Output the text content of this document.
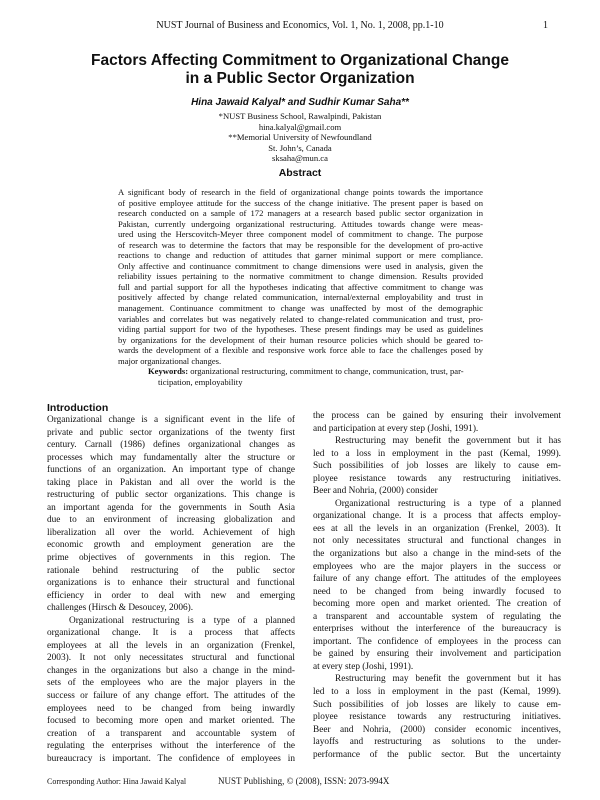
NUST Journal of Business and Economics, Vol. 1, No. 1, 2008, pp.1-10	1
Factors Affecting Commitment to Organizational Change
in a Public Sector Organization
Hina Jawaid Kalyal* and Sudhir Kumar Saha**
*NUST Business School, Rawalpindi, Pakistan
hina.kalyal@gmail.com
**Memorial University of Newfoundland
St. John’s, Canada
sksaha@mun.ca
Abstract
A significant body of research in the field of organizational change points towards the importance
of positive employee attitude for the success of the change initiative. The present paper is based on
research conducted on a sample of 172 managers at a research based public sector organization in
Pakistan, currently undergoing organizational restructuring. Attitudes towards change were meas-
ured using the Herscovitch-Meyer three component model of commitment to change. The purpose
of research was to determine the factors that may be responsible for the development of pro-active
reactions to change and reduction of attitudes that garner minimal support or mere compliance.
Only affective and continuance commitment to change dimensions were used in analysis, given the
reliability issues pertaining to the normative commitment to change dimension. Results provided
full and partial support for all the hypotheses indicating that affective commitment to change was
positively affected by change related communication, internal/external employability and trust in
management. Continuance commitment to change was unaffected by most of the demographic
variables and correlates but was negatively related to change-related communication and trust, pro-
viding partial support for two of the hypotheses. These present findings may be used as guidelines
by organizations for the development of their human resource policies which should be geared to-
wards the development of a flexible and responsive work force able to face the challenges posed by
major organizational changes.
Keywords: organizational restructuring, commitment to change, communication, trust, par-
ticipation, employability
Introduction
Organizational change is a significant event in the life of
private and public sector organizations of the twenty first
century. Carnall (1986) defines organizational changes as
processes which may fundamentally alter the structure or
functions of an organization. An important type of change
taking place in Pakistan and all over the world is the
restructuring of public sector organizations. This change is
an important agenda for the governments in South Asia
due to an environment of increasing globalization and
liberalization all over the world. Achievement of high
economic growth and employment generation are the
prime objectives of governments in this region. The
rationale behind restructuring of the public sector
organizations is to enhance their structural and functional
efficiency in order to deal with new and emerging
challenges (Hirsch & Desoucey, 2006).
Organizational restructuring is a type of a planned
organizational change. It is a process that affects
employees at all the levels in an organization (Frenkel,
2003). It not only necessitates structural and functional
changes in the organizations but also a change in the mind-
sets of the employees who are the major players in the
success or failure of any change effort. The attitudes of the
employees need to be changed from being inwardly
focused to becoming more open and market oriented. The
creation of a transparent and accountable system of
regulating the enterprises without the interference of the
bureaucracy is important. The confidence of employees in
the process can be gained by ensuring their involvement
and participation at every step (Joshi, 1991).
Restructuring may benefit the government but it has
led to a loss in employment in the past (Kemal, 1999).
Such possibilities of job losses are likely to cause em-
ployee resistance towards any restructuring initiatives.
Beer and Nohria, (2000) consider
Organizational restructuring is a type of a planned
organizational change. It is a process that affects employ-
ees at all the levels in an organization (Frenkel, 2003). It
not only necessitates structural and functional changes in
the organizations but also a change in the mind-sets of the
employees who are the major players in the success or
failure of any change effort. The attitudes of the employees
need to be changed from being inwardly focused to
becoming more open and market oriented. The creation of
a transparent and accountable system of regulating the
enterprises without the interference of the bureaucracy is
important. The confidence of employees in the process can
be gained by ensuring their involvement and participation
at every step (Joshi, 1991).
Restructuring may benefit the government but it has
led to a loss in employment in the past (Kemal, 1999).
Such possibilities of job losses are likely to cause em-
ployee resistance towards any restructuring initiatives.
Beer and Nohria, (2000) consider economic incentives,
layoffs and restructuring as solutions to the under-
performance of the public sector. But the uncertainty
Corresponding Author: Hina Jawaid Kalyal	NUST Publishing, © (2008), ISSN: 2073-994X
